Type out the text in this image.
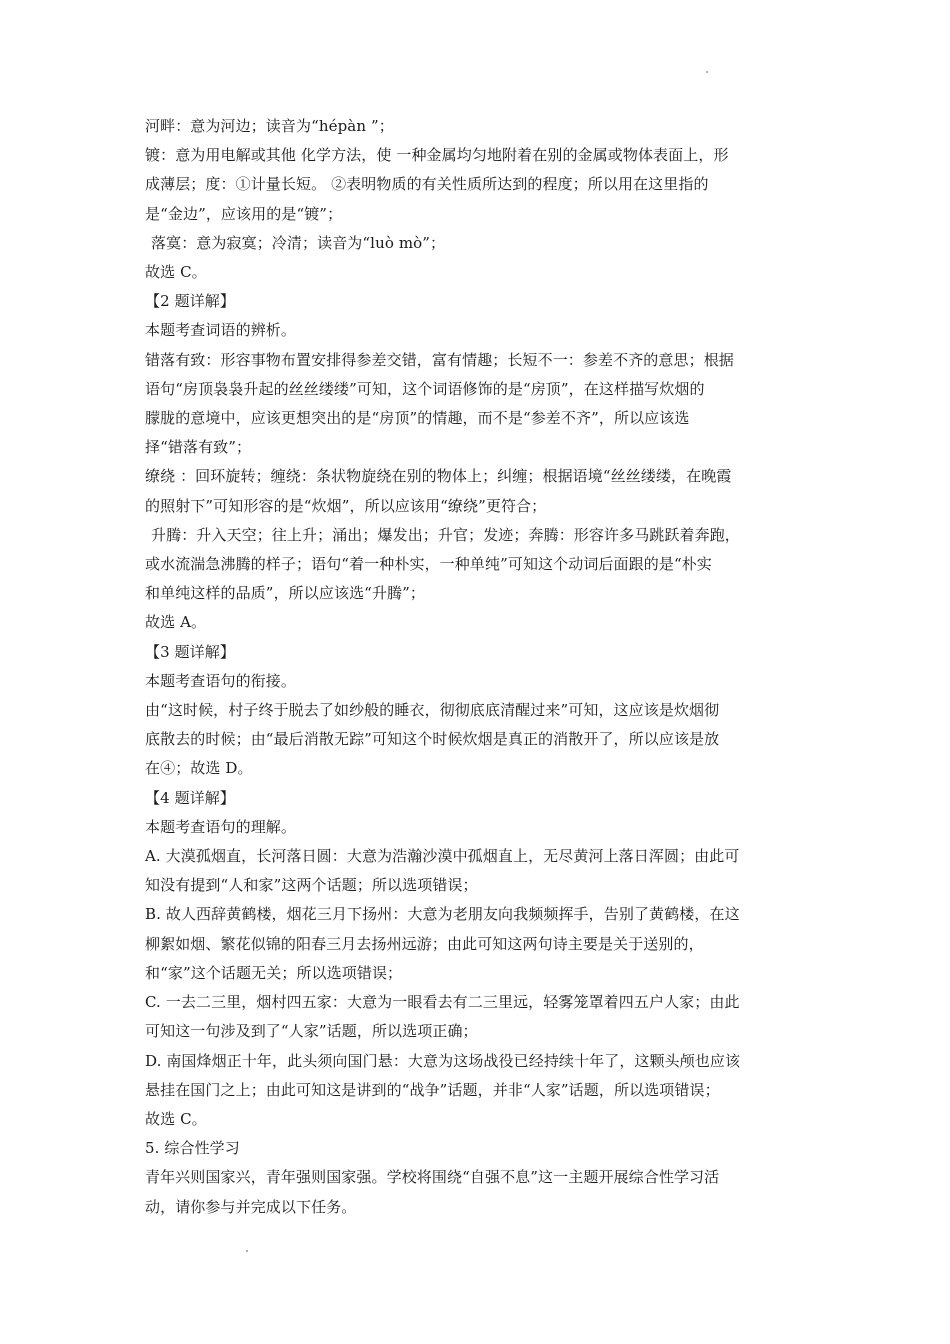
河畔：意为河边；读音为“hépàn ”；
镀：意为用电解或其他 化学方法，使 一种金属均匀地附着在别的金属或物体表面上，形
成薄层；度：①计量长短。 ②表明物质的有关性质所达到的程度；所以用在这里指的
是“金边”，应该用的是“镀”；
落寞：意为寂寞；冷清；读音为“luò mò”；
故选 C。
【2 题详解】
本题考查词语的辨析。
错落有致：形容事物布置安排得参差交错，富有情趣；长短不一：参差不齐的意思；根据
语句“房顶袅袅升起的丝丝缕缕”可知，这个词语修饰的是“房顶”，在这样描写炊烟的
朦胧的意境中，应该更想突出的是“房顶”的情趣，而不是“参差不齐”，所以应该选
择“错落有致”；
缭绕 ：回环旋转；缠绕：条状物旋绕在别的物体上；纠缠；根据语境“丝丝缕缕，在晚霞
的照射下”可知形容的是“炊烟”，所以应该用“缭绕”更符合；
升腾：升入天空；往上升；涌出；爆发出；升官；发迹；奔腾：形容许多马跳跃着奔跑，
或水流湍急沸腾的样子；语句“着一种朴实，一种单纯”可知这个动词后面跟的是“朴实
和单纯这样的品质”，所以应该选“升腾”；
故选 A。
【3 题详解】
本题考查语句的衔接。
由“这时候，村子终于脱去了如纱般的睡衣，彻彻底底清醒过来”可知，这应该是炊烟彻
底散去的时候；由“最后消散无踪”可知这个时候炊烟是真正的消散开了，所以应该是放
在④；故选 D。
【4 题详解】
本题考查语句的理解。
A. 大漠孤烟直，长河落日圆：大意为浩瀚沙漠中孤烟直上，无尽黄河上落日浑圆；由此可
知没有提到“人和家”这两个话题；所以选项错误；
B. 故人西辞黄鹤楼，烟花三月下扬州：大意为老朋友向我频频挥手，告别了黄鹤楼，在这
柳絮如烟、繁花似锦的阳春三月去扬州远游；由此可知这两句诗主要是关于送别的，
和“家”这个话题无关；所以选项错误；
C. 一去二三里，烟村四五家：大意为一眼看去有二三里远，轻雾笼罩着四五户人家；由此
可知这一句涉及到了“人家”话题，所以选项正确；
D. 南国烽烟正十年，此头须向国门悬：大意为这场战役已经持续十年了，这颗头颅也应该
悬挂在国门之上；由此可知这是讲到的“战争”话题，并非“人家”话题，所以选项错误；
故选 C。
5. 综合性学习
青年兴则国家兴，青年强则国家强。学校将围绕“自强不息”这一主题开展综合性学习活
动，请你参与并完成以下任务。
